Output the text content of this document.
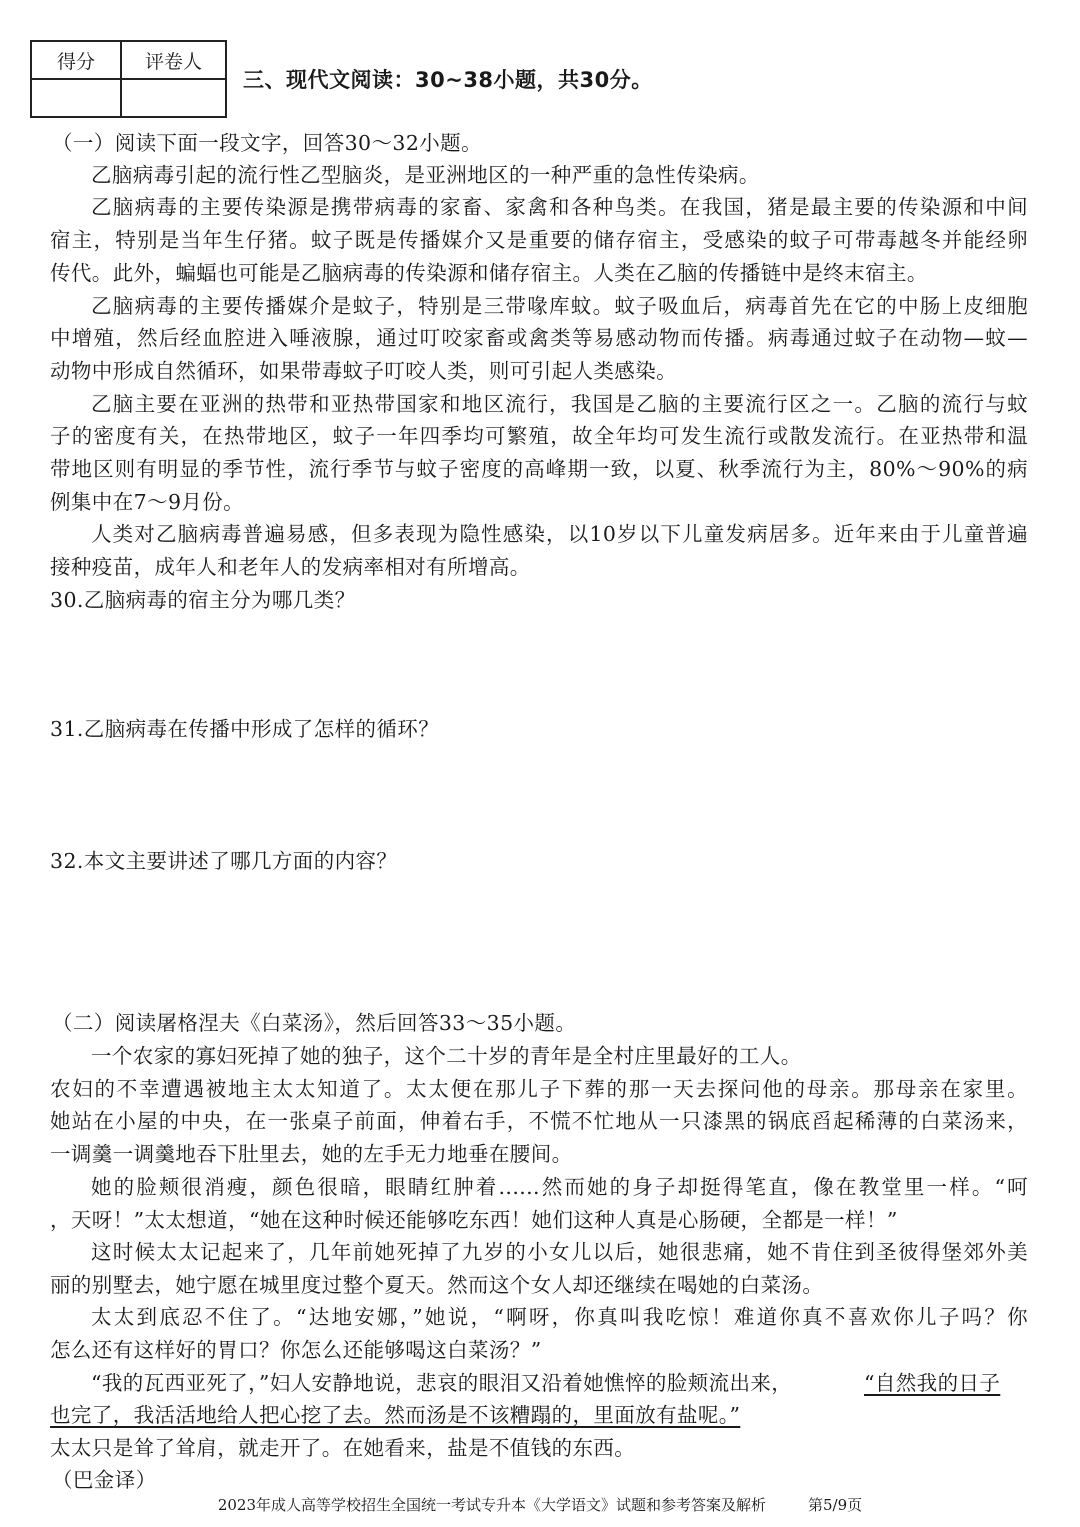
得分	评卷人

三、现代文阅读：30~38小题，共30分。
（一）阅读下面一段文字，回答30～32小题。
乙脑病毒引起的流行性乙型脑炎，是亚洲地区的一种严重的急性传染病。
乙脑病毒的主要传染源是携带病毒的家畜、家禽和各种鸟类。在我国，猪是最主要的传染源和中间
宿主，特别是当年生仔猪。蚊子既是传播媒介又是重要的储存宿主，受感染的蚊子可带毒越冬并能经卵
传代。此外，蝙蝠也可能是乙脑病毒的传染源和储存宿主。人类在乙脑的传播链中是终末宿主。
乙脑病毒的主要传播媒介是蚊子，特别是三带喙库蚊。蚊子吸血后，病毒首先在它的中肠上皮细胞
中增殖，然后经血腔进入唾液腺，通过叮咬家畜或禽类等易感动物而传播。病毒通过蚊子在动物—蚊—
动物中形成自然循环，如果带毒蚊子叮咬人类，则可引起人类感染。
乙脑主要在亚洲的热带和亚热带国家和地区流行，我国是乙脑的主要流行区之一。乙脑的流行与蚊
子的密度有关，在热带地区，蚊子一年四季均可繁殖，故全年均可发生流行或散发流行。在亚热带和温
带地区则有明显的季节性，流行季节与蚊子密度的高峰期一致，以夏、秋季流行为主，80%～90%的病
例集中在7～9月份。
人类对乙脑病毒普遍易感，但多表现为隐性感染，以10岁以下儿童发病居多。近年来由于儿童普遍
接种疫苗，成年人和老年人的发病率相对有所增高。
30.乙脑病毒的宿主分为哪几类？
31.乙脑病毒在传播中形成了怎样的循环？
32.本文主要讲述了哪几方面的内容？
（二）阅读屠格涅夫《白菜汤》，然后回答33～35小题。
一个农家的寡妇死掉了她的独子，这个二十岁的青年是全村庄里最好的工人。
农妇的不幸遭遇被地主太太知道了。太太便在那儿子下葬的那一天去探问他的母亲。那母亲在家里。
她站在小屋的中央，在一张桌子前面，伸着右手，不慌不忙地从一只漆黑的锅底舀起稀薄的白菜汤来，
一调羹一调羹地吞下肚里去，她的左手无力地垂在腰间。
她的脸颊很消瘦，颜色很暗，眼睛红肿着......然而她的身子却挺得笔直，像在教堂里一样。“呵
，天呀！”太太想道，“她在这种时候还能够吃东西！她们这种人真是心肠硬，全都是一样！”
这时候太太记起来了，几年前她死掉了九岁的小女儿以后，她很悲痛，她不肯住到圣彼得堡郊外美
丽的别墅去，她宁愿在城里度过整个夏天。然而这个女人却还继续在喝她的白菜汤。
太太到底忍不住了。“达地安娜，”她说，“啊呀，你真叫我吃惊！难道你真不喜欢你儿子吗？你
怎么还有这样好的胃口？你怎么还能够喝这白菜汤？”
“我的瓦西亚死了，”妇人安静地说，悲哀的眼泪又沿着她憔悴的脸颊流出来，	“自然我的日子
也完了，我活活地给人把心挖了去。然而汤是不该糟蹋的，里面放有盐呢。”
太太只是耸了耸肩，就走开了。在她看来，盐是不值钱的东西。
（巴金译）
2023年成人高等学校招生全国统一考试专升本《大学语文》试题和参考答案及解析	第5/9页
